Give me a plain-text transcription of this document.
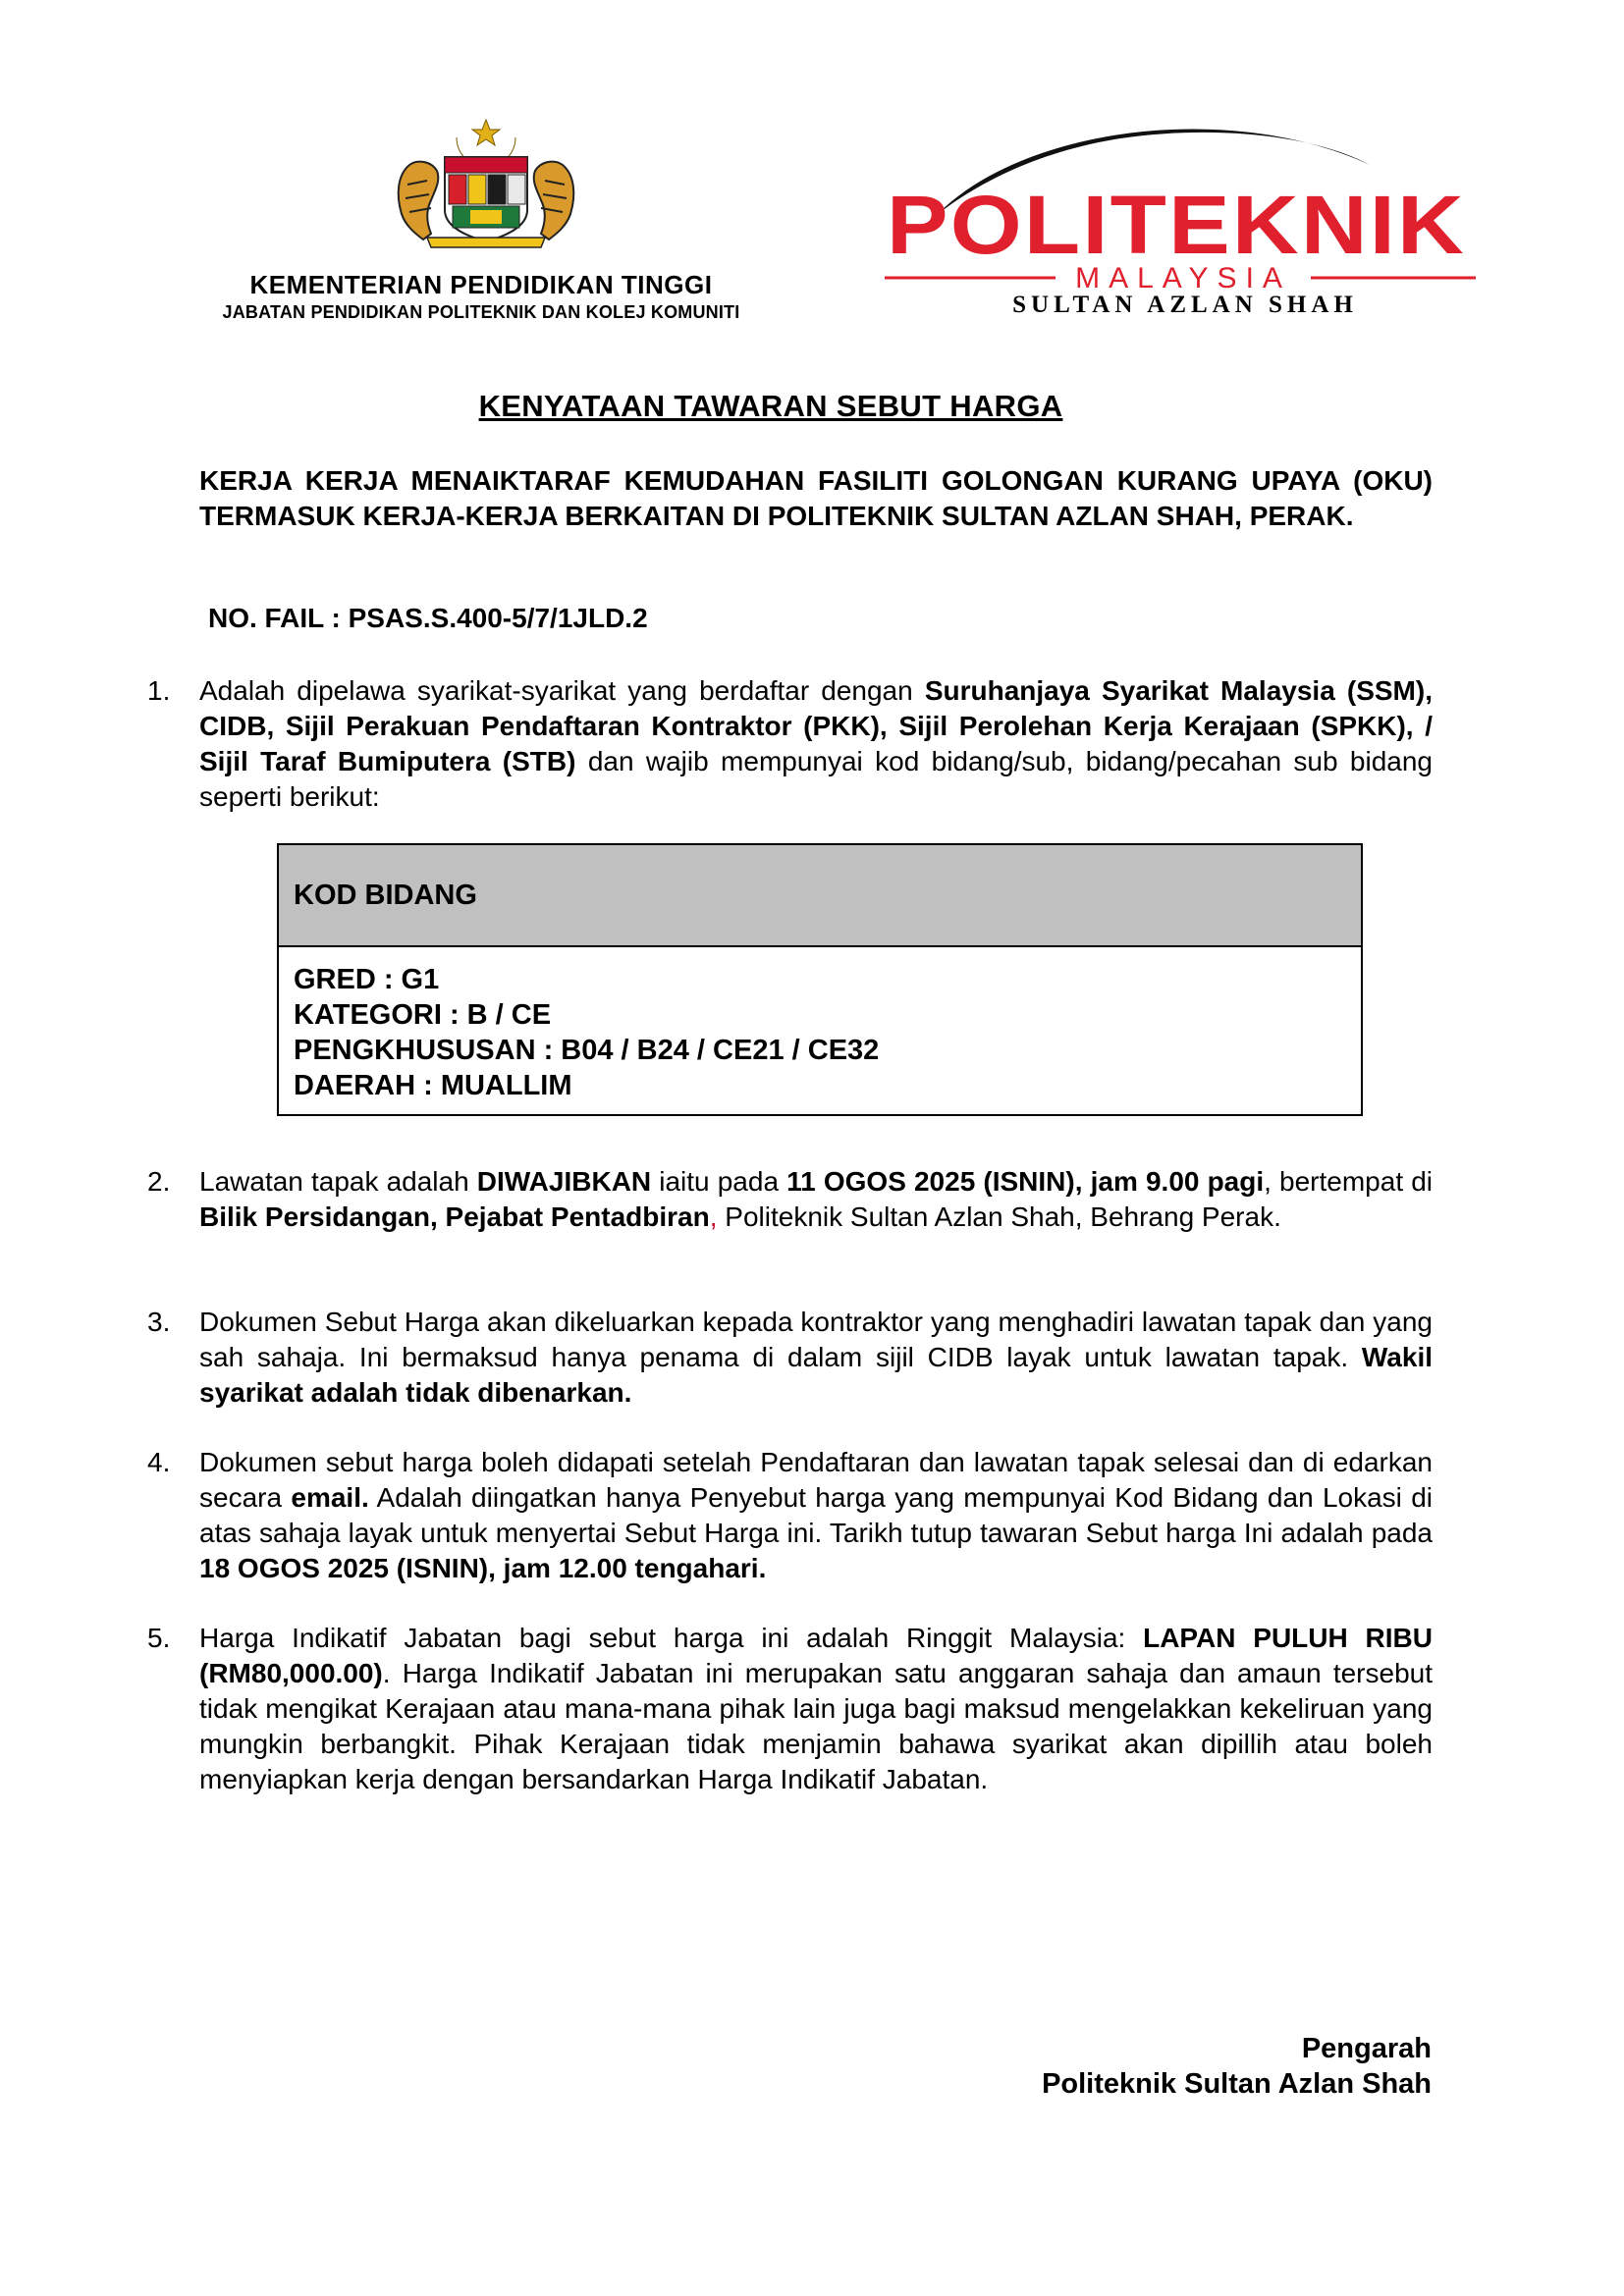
KEMENTERIAN PENDIDIKAN TINGGI
JABATAN PENDIDIKAN POLITEKNIK DAN KOLEJ KOMUNITI
POLITEKNIK
MALAYSIA
SULTAN AZLAN SHAH
KENYATAAN TAWARAN SEBUT HARGA
KERJA KERJA MENAIKTARAF KEMUDAHAN FASILITI GOLONGAN KURANG UPAYA (OKU) TERMASUK KERJA-KERJA BERKAITAN DI POLITEKNIK SULTAN AZLAN SHAH, PERAK.
NO. FAIL : PSAS.S.400-5/7/1JLD.2
1.	Adalah dipelawa syarikat-syarikat yang berdaftar dengan Suruhanjaya Syarikat Malaysia (SSM), CIDB, Sijil Perakuan Pendaftaran Kontraktor (PKK), Sijil Perolehan Kerja Kerajaan (SPKK), / Sijil Taraf Bumiputera (STB) dan wajib mempunyai kod bidang/sub, bidang/pecahan sub bidang seperti berikut:
KOD BIDANG
GRED : G1
KATEGORI : B / CE
PENGKHUSUSAN : B04 / B24 / CE21 / CE32
DAERAH : MUALLIM
2.	Lawatan tapak adalah DIWAJIBKAN iaitu pada 11 OGOS 2025 (ISNIN), jam 9.00 pagi, bertempat di Bilik Persidangan, Pejabat Pentadbiran, Politeknik Sultan Azlan Shah, Behrang Perak.
3.	Dokumen Sebut Harga akan dikeluarkan kepada kontraktor yang menghadiri lawatan tapak dan yang sah sahaja. Ini bermaksud hanya penama di dalam sijil CIDB layak untuk lawatan tapak. Wakil syarikat adalah tidak dibenarkan.
4.	Dokumen sebut harga boleh didapati setelah Pendaftaran dan lawatan tapak selesai dan di edarkan secara email. Adalah diingatkan hanya Penyebut harga yang mempunyai Kod Bidang dan Lokasi di atas sahaja layak untuk menyertai Sebut Harga ini. Tarikh tutup tawaran Sebut harga Ini adalah pada 18 OGOS 2025 (ISNIN), jam 12.00 tengahari.
5.	Harga Indikatif Jabatan bagi sebut harga ini adalah Ringgit Malaysia: LAPAN PULUH RIBU (RM80,000.00). Harga Indikatif Jabatan ini merupakan satu anggaran sahaja dan amaun tersebut tidak mengikat Kerajaan atau mana-mana pihak lain juga bagi maksud mengelakkan kekeliruan yang mungkin berbangkit. Pihak Kerajaan tidak menjamin bahawa syarikat akan dipillih atau boleh menyiapkan kerja dengan bersandarkan Harga Indikatif Jabatan.
Pengarah
Politeknik Sultan Azlan Shah
